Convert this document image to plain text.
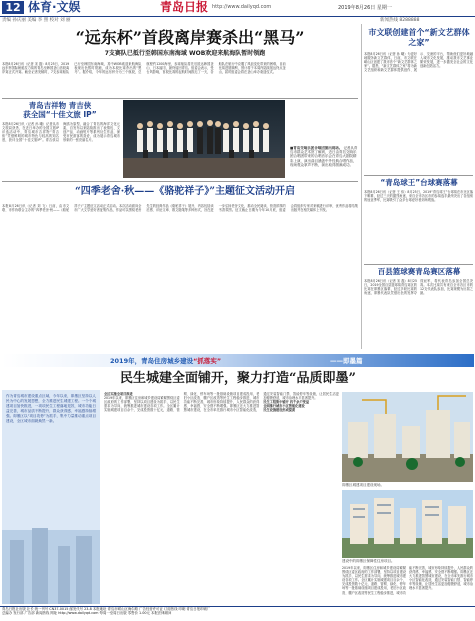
12 体育·文娱	青岛日报 http://www.dailyqd.com	2019年8月26日 星期一
责编 孙庆丽 美编 李 照 校对 刘 丽	新闻热线 8288888
“远东杯”首段离岸赛杀出“黑马”
7支赛队已抵行至韩国东南海域 WOB欢迎来航海队暂时领跑
本报8月26日讯（记者 宋 磊）8月25日，2019远东杯国际帆船拉力赛的青岛至韩国釜山首段离岸赛正式开赛。截至记者发稿时，7支参赛船队已行至韩国东南海域，其中WOB欢迎来航海队表现出色暂时领跑，成为本段比赛杀出的“黑马”。据介绍，今年的远东杯分为三个航段，总航程约1200海里，参赛船队将先后抵达韩国釜山、日本福冈，最终返回青岛。组委会表示，受台风影响，首段比赛的起航时间推迟了一天，各船队在航行中克服了风浪变化带来的困难，目前比赛进展顺利，预计将于本周内陆续抵达终点釜山，届时组委会将在釜山举办欢迎仪式。
青岛吉祥物 青吉侠
获全国“十佳文旅 IP”
本报8月26日讯（记者 孙 曦）记者从市文旅局获悉，在近日举办的全国文旅IP评选活动中，青岛城市吉祥物“青吉侠”凭借鲜明的城市特色与较高的知名度，获评全国“十佳文旅IP”。青吉侠以海鸥为原型，融合了青岛的海洋文化元素，自发布以来陆续推出了表情包、文创产品、动画短片等系列衍生作品，深受市民游客的喜爱，成为展示青岛城市形象的一张亮丽名片。
■青岛交响乐团合唱团演出现场。 记者从青岛市群众艺术馆了解到，近日由青岛交响乐团合唱团带来的合唱音乐会在青岛大剧院精彩上演，演出曲目涵盖中外经典合唱作品，现场观众掌声不断，演出取得圆满成功。
“四季老舍·秋——《骆驼祥子》”主题征文活动开启
本报8月26日讯（记者 刘 飞）日前，由市文联、市作协联合主办的“四季老舍·秋——《骆驼祥子》”主题征文活动正式启动。本次活动面向全市广大文学爱好者征集作品，作品可以围绕老舍先生的经典作品《骆驼祥子》展开，内容包括读后感、评论文章、散文随笔等多种形式，旨在进一步弘扬老舍文化，推动全民阅读，营造浓厚的书香氛围。征文截止日期为今年10月底，组委会将组织专家对来稿进行评审，优秀作品将结集出版并在相关媒体上刊发。
市文联创建首个“新文艺群体之家”
本报8月26日讯（记者 孙 曦）为更好地服务新文艺群体，日前，市文联在崂山区创建了我市首个“新文艺群体之家”。据悉，“新文艺群体之家”将为新文艺组织和新文艺群体提供创作、展示、交流的平台，帮助他们更好地融入城市文化发展，推动我市文艺事业繁荣发展，进一步激发全社会的文化创新创造活力。
“青岛球王”台球赛落幕
本报8月26日讯（记者 王 伟）8月25日，2019“青岛球王”台球赛在市北区落下帷幕，经过三天的激烈角逐，来自全市各区市的参赛选手最终决出了各组别的冠亚季军，比赛吸引了众多台球爱好者到场观战。
百县篮球赛青岛赛区落幕
本报8月26日讯（记者 宋 磊）8月25日，2019全国百县篮球赛青岛赛区的比赛在即墨区落幕，经过多轮比赛的角逐，即墨代表队凭借出色的发挥夺得冠军，将代表青岛参加全国总决赛。本次比赛共有来自全市各区市的12支代表队参加，比赛规模为历届之最。
2019年，青岛住房城乡建设“抓落实”	——即墨篇
民生城建全面铺开，聚力打造“品质即墨”
作为青岛城市建设重点区域，今年以来，即墨区坚持以人民为中心的发展思想，全力推进民生城建工程。一个个城建项目加快推进，一项项民生工程落地见效，城市功能日益完善，城市品质不断提升，群众获得感、幸福感持续增强。即墨区以“项目攻势”为抓手，集中力量推动重点项目建设，全区城市面貌焕然一新。
全区实施全项目推进
2019年以来，即墨区住房和城乡建设局紧紧围绕区委区政府的工作部署，坚持以项目建设为抓手，以民生需求为导向，统筹推进城市建设各项工作。全区累计实施城建项目百余个，完成投资数十亿元，道路、管网、绿化、停车场等一批基础设施项目建成投用，老旧小区改造、棚户区改造等民生工程稳步推进，城市功能不断完善，城市形象持续提升，人民群众的获得感、幸福感、安全感不断增强。即墨区还大力推进智慧城市建设，在全市率先推行城市小区智能化改造，通过安装智能门禁、智能停车等设施，让居民生活更加便捷舒适，城市治理水平显著提升。
民生工程集中铺开 四千余户受益
全面推行城市小区智能化建设
民生设施建设形成提质
即墨区城建项目建设现场。
建设中的即墨区保障性住房项目。
2019年以来，即墨区住房和城乡建设局紧紧围绕区委区政府的工作部署，坚持以项目建设为抓手，以民生需求为导向，统筹推进城市建设各项工作。全区累计实施城建项目百余个，完成投资数十亿元，道路、管网、绿化、停车场等一批基础设施项目建成投用，老旧小区改造、棚户区改造等民生工程稳步推进，城市功能不断完善，城市形象持续提升，人民群众的获得感、幸福感、安全感不断增强。即墨区还大力推进智慧城市建设，在全市率先推行城市小区智能化改造，通过安装智能门禁、智能停车等设施，让居民生活更加便捷舒适，城市治理水平显著提升。
青岛日报社出版 社长 统一刊号 CN37-0015 邮发代号 23-8 本报地址 青岛市崂山区海尔路 广告经营许可证 订阅热线 印刷 青岛日报印刷厂
总编办 发行部 广告部 新闻热线 网址 http://www.dailyqd.com 每周一至周日出版 零售价 1.00元 本报法律顾问
